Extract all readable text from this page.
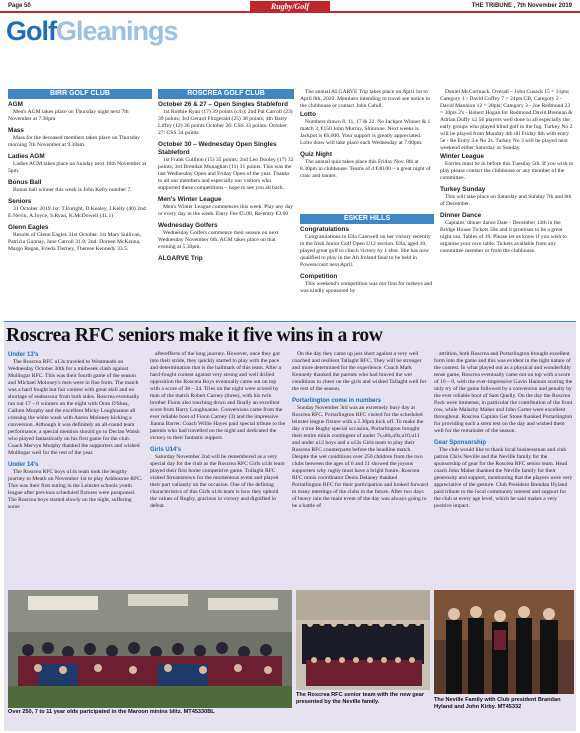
Page 50	Rugby/Golf	THE TRIBUNE , 7th November 2019
GolfGleanings
BIRR GOLF CLUB
AGM

Men's AGM takes place on Thursday night next 7th November at 7.30pm

Mass

Mass for the deceased members takes place on Thursday morning 7th November at 9.30am.

Ladies AGM

Ladies AGM takes place on Sunday next 10th November at 5pm.

Bonus Ball

Bonus ball winner this week is John Kelly number 7.

Seniors

31 October 2019 1st: T.Enright, D.Kealey, J.Kelly (40) 2nd: E.Nevin, A.Joyce, S.Ryan, K.McDowell (41.1)

Glenn Eagles

Results of Glenn Eagles 31st October. 1st Mary Sullivan, Patricia Gunnay, Jane Carroll 31.8; 2nd. Doreen McKenna, Margo Regan, Frieda Tierney, Therese Kennedy 33.5.

ROSCREA GOLF CLUB
October 26 & 27 – Open Singles Stableford

1st Robbie Ryan (17) 39 points (c/b); 2nd Pat Carroll (23) 39 points; 3rd Gerard Fitzgerald (25) 38 points; 4th Barry Liffey (12) 36 points October 26: CSS 33 points. October 27: CSS 34 points

October 30 – Wednesday Open Singles Stableford

1st Frank Culliton (15) 35 points; 2nd Leo Dooley (17) 32 points; 3rd Brendan Monaghan (11) 31 points. This was the last Wednesday Open and Friday Open of the year. Thanks to all our members and especially our visitors who supported these competitions – hope to see you all back.

Men's Winter League

Men's Winter League commences this week. Play any day or every day in the week. Entry Fee €5.00, Re-entry €3.00

Wednesday Golfers

Wednesday Golfers commence their season on next Wednesday November 6th. AGM takes place on that evening at 5.30pm.

ALGARVE Trip

The annual ALGARVE Trip takes place on April 1st to April 8th, 2020. Members intending to travel see notice in the clubhouse or contact John Cahill.

Lotto

Numbers drawn 8, 11, 17 & 22. No Jackpot Winner & 1 match 3, €150 John Murray, Shinrone. Next weeks is Jackpot is €6,000. Your support is greatly appreciated. Lotto draw will take place each Wednesday at 7.00pm.

Quiz Night

The annual quiz takes place this Friday Nov. 8th at 8.30pm in clubhouse. Teams of 4 €40.00 – a great night of craic and banter.

ESKER HILLS
Congratulations

Congratulations to Ella Cantwell on her victory recently in the Irish Junior Golf Open U12 section. Ella, aged 10, played great golf to clinch victory by 1 shot. She has now qualified to play in the All Ireland final to be held in Powerscourt next April.

Competition

This weekend's competition was our first for turkeys and was kindly sponsored by

Daniel McCormack. Overall – John Cusack 15 = 31pts; Category 1 - David Coffey 7 = 24pts CB; Category 2 - David Mannion 12 = 28pts; Category 3 - Joe Redmond 23 = 30pts 2's - Robert Hogan for Redmond David Brennan & Adrian Duffy x2 56 players well done to all especially the early groups who played blind golf in the fog. Turkey No 2 will be played from Monday 4th till Friday 8th with entry 5e - Re Entry 3.e No 2s. Turkey No 3 will be played next weekend either Saturday or Sunday.

Winter League

Entries must be in before this Tuesday 5th. If you wish to play please contact the clubhouse or any member of the committee.

Turkey Sunday

This will take place on Saturday and Sunday 7th and 8th of December.

Dinner Dance

Captains' dinner dance Date - December 13th in the Bridge House Tickets 50e and it promises to be a great night out. Tables of 10. Please let us know if you wish to organise your own table. Tickets available from any committee member or from the clubhouse.

Roscrea RFC seniors make it five wins in a row
Under 13's

The Roscrea RFC u13s traveled to Westmeath on Wednesday October 30th for a midweek clash against Mullingar RFC. This was their fourth game of the season and Michael Moloney's men were in fine form. The match was a hard fought but fair contest with great skill and no shortage of endeavour from both sides. Roscrea eventually ran out 17 – 0 winners on the night with Oran O'Shea, Callum Murphy and the excellent Micky Loughnanne all crossing the white wash with Aaron Moloney kicking a conversion. Although it was definitely an all-round team performance, a special mention should go to Declan Walsh who played fantastically on his first game for the club. Coach Mervyn Murphy thanked the supporters and wished Mullingar well for the rest of the year.

Under 14's

The Roscrea RFC boys u14s team took the lengthy journey to Meath on November 1st to play Ashbourne RFC. This was their first outing in the Leinster schools youth league after previous scheduled fixtures were postponed. The Roscrea boys started slowly on the night, suffering some

aftereffects of the long journey. However, once they got into their stride, they quickly started to play with the pace and determination that is the hallmark of this team. After a hard-fought contest against very strong and well drilled opposition the Roscrea Boys eventually came out on top with a score of 38 – 24. Tries on the night were scored by man of the match Robert Carney (three), with his twin brother Fionn also touching down and finally an excellent score from Harry Loughnanne. Conversions came from the ever reliable boot of Fionn Carney (3) and the impressive Jianna Barret. Coach Willie Hayes paid special tribute to the parents who had travelled on the night and dedicated the victory to their fantastic support.

Girls U14's

Saturday November 2nd will be remembered as a very special day for the club as the Roscrea RFC Girls u14s team played their first home competitive game. Tullaght RFC visited Streamstown for the momentous event and played their part valiantly on the occasion. One of the defining characteristics of this Girls u14s team is how they uphold the values of Rugby, gracious in victory and dignified in defeat.

On the day they came up just short against a very well coached and resilient Tallaght RFC. They will be stronger and more determined for the experience. Coach Mark Kennedy thanked the parents who had braved the wet conditions to cheer on the girls and wished Tallaght well for the rest of the season.

Portarlington come in numbers

Sunday November 3rd was an extremely busy day at Roscrea RFC. Portarlington RFC visited for the scheduled leinster league fixture with a 2.30pm kick off. To make the day a true Rugby special occasion, Portarlington brought their entire minis contingent of under 7s,u8s,u9s,u10,u11 and under u12 boys and a u12s Girls team to play their Roscrea RFC counterparts before the headline match. Despite the wet conditions over 250 children from the two clubs between the ages of 6 and 11 showed the joyous supporters why rugby must have a bright future. Roscrea RFC minis coordinator Denis Delaney thanked Portarlington RFC for their participation and looked forward to many meetings of the clubs in the future. After two days of heavy rain the main event of the day was always going to be a battle of

attrition, both Roscrea and Portarlington brought excellent form into the game and this was evident in the tight nature of the contest. In what played out as a physical and wonderfully tense game, Roscrea eventually came out on top with a score of 10 – 0, with the ever-impressive Gavin Hannon scoring the only try of the game followed by a conversion and penalty by the ever reliable boot of Sam Quelly. On the day the Roscrea Pack were immense, in particular the contribution of the front row, while Malachy Maher and John Carter were excellent throughout. Roscrea Captain Ger Stone thanked Portarlington for providing such a stern test on the day and wished them well for the remainder of the season.

Gear Sponsorship

The club would like to thank local businessman and club patron Chris Neville and the Neville family for the sponsorship of gear for the Roscrea RFC senior team. Head coach John Maher thanked the Neville family for their generosity and support, mentioning that the players were very appreciative of the gesture. Club President Brendan Hyland paid tribute to the local community interest and support for the club at every age level, which he said makes a very positive impact.

Over 250, 7 to 11 year olds partcipated in the Maroon minins blitz. MT45330BL
The Roscrea RFC senior team with the new gear presented by the Neville family.	The Neville Family with Club president Brandan Hyland and John Kirby. MT45332
